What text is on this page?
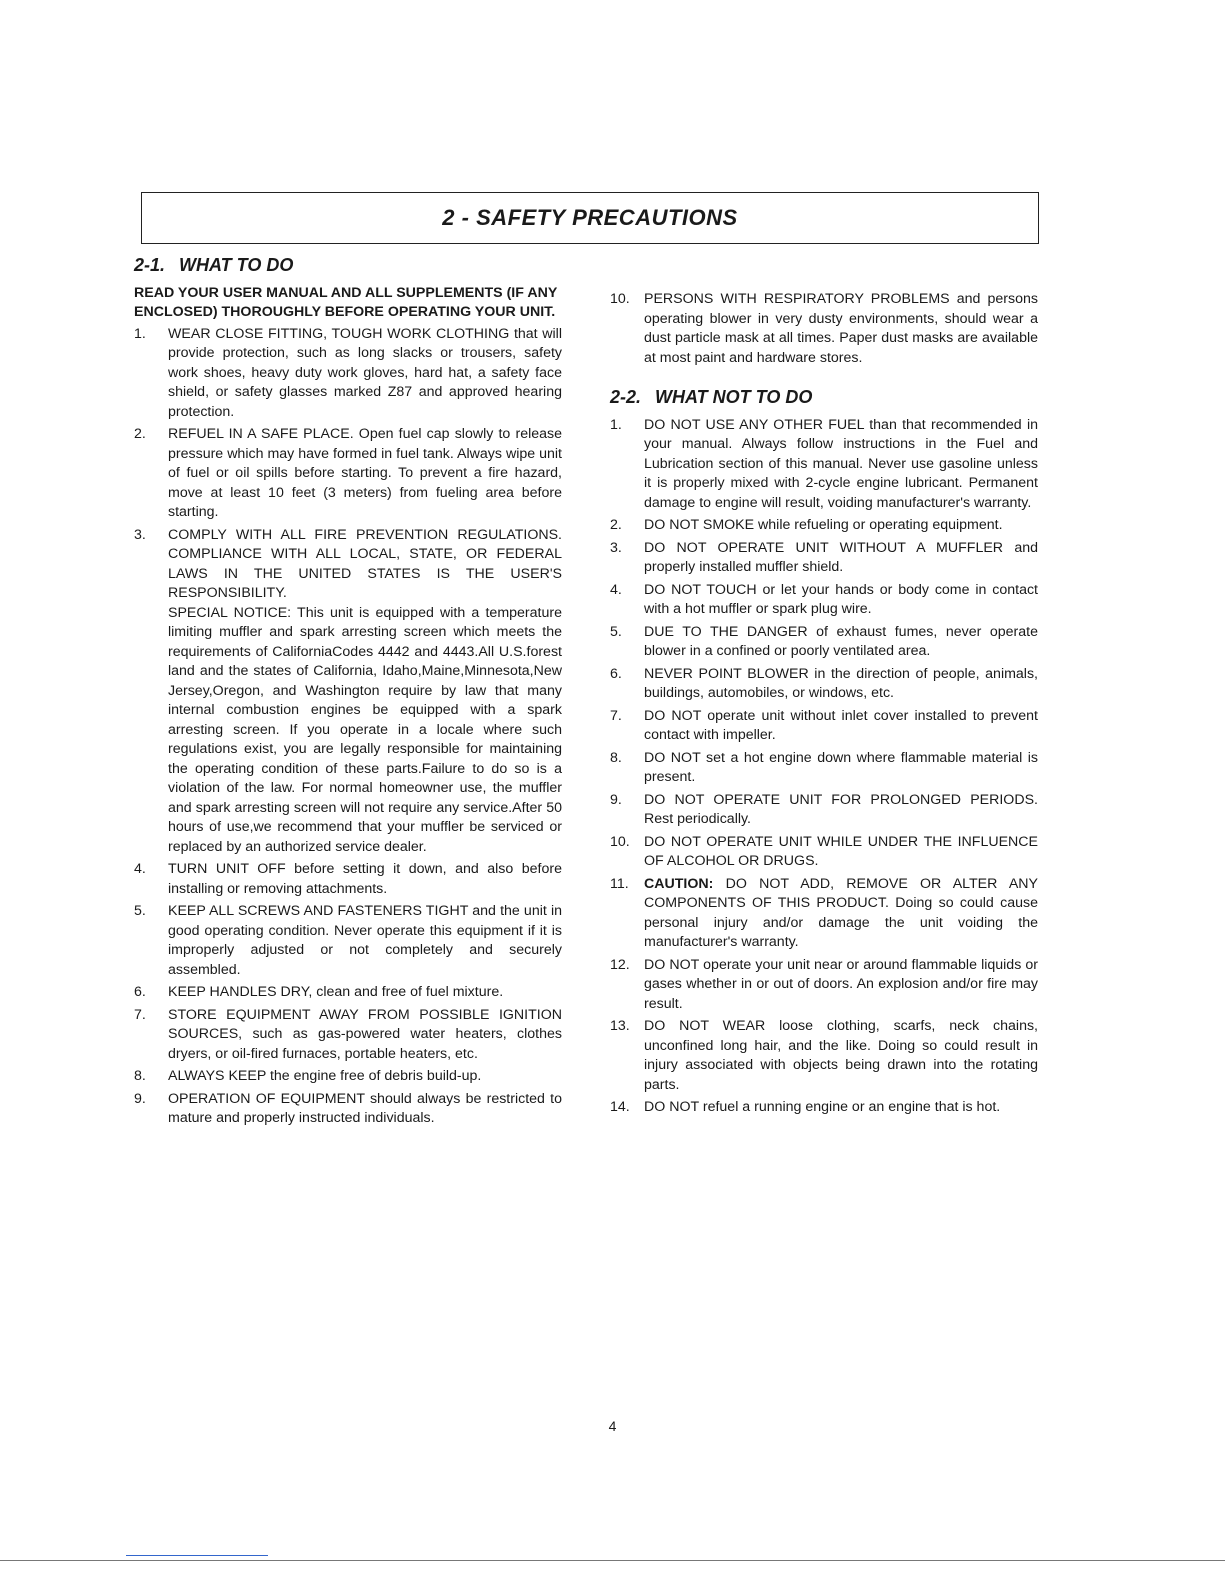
2 - SAFETY PRECAUTIONS
2-1. WHAT TO DO
READ YOUR USER MANUAL AND ALL SUPPLEMENTS (IF ANY ENCLOSED) THOROUGHLY BEFORE OPERATING YOUR UNIT.
1.	WEAR CLOSE FITTING, TOUGH WORK CLOTHING that will provide protection, such as long slacks or trousers, safety work shoes, heavy duty work gloves, hard hat, a safety face shield, or safety glasses marked Z87 and approved hearing protection.
2.	REFUEL IN A SAFE PLACE. Open fuel cap slowly to release pressure which may have formed in fuel tank. Always wipe unit of fuel or oil spills before starting. To prevent a fire hazard, move at least 10 feet (3 meters) from fueling area before starting.
3.	COMPLY WITH ALL FIRE PREVENTION REGULATIONS. COMPLIANCE WITH ALL LOCAL, STATE, OR FEDERAL LAWS IN THE UNITED STATES IS THE USER'S RESPONSIBILITY.
SPECIAL NOTICE: This unit is equipped with a temperature limiting muffler and spark arresting screen which meets the requirements of CaliforniaCodes 4442 and 4443.All U.S.forest land and the states of California, Idaho,Maine,Minnesota,New Jersey,Oregon, and Washington require by law that many internal combustion engines be equipped with a spark arresting screen. If you operate in a locale where such regulations exist, you are legally responsible for maintaining the operating condition of these parts.Failure to do so is a violation of the law. For normal homeowner use, the muffler and spark arresting screen will not require any service.After 50 hours of use,we recommend that your muffler be serviced or replaced by an authorized service dealer.
4.	TURN UNIT OFF before setting it down, and also before installing or removing attachments.
5.	KEEP ALL SCREWS AND FASTENERS TIGHT and the unit in good operating condition. Never operate this equipment if it is improperly adjusted or not completely and securely assembled.
6.	KEEP HANDLES DRY, clean and free of fuel mixture.
7.	STORE EQUIPMENT AWAY FROM POSSIBLE IGNITION SOURCES, such as gas-powered water heaters, clothes dryers, or oil-fired furnaces, portable heaters, etc.
8.	ALWAYS KEEP the engine free of debris build-up.
9.	OPERATION OF EQUIPMENT should always be restricted to mature and properly instructed individuals.
10.	PERSONS WITH RESPIRATORY PROBLEMS and persons operating blower in very dusty environments, should wear a dust particle mask at all times. Paper dust masks are available at most paint and hardware stores.
2-2. WHAT NOT TO DO
1.	DO NOT USE ANY OTHER FUEL than that recommended in your manual. Always follow instructions in the Fuel and Lubrication section of this manual. Never use gasoline unless it is properly mixed with 2-cycle engine lubricant. Permanent damage to engine will result, voiding manufacturer's warranty.
2.	DO NOT SMOKE while refueling or operating equipment.
3.	DO NOT OPERATE UNIT WITHOUT A MUFFLER and properly installed muffler shield.
4.	DO NOT TOUCH or let your hands or body come in contact with a hot muffler or spark plug wire.
5.	DUE TO THE DANGER of exhaust fumes, never operate blower in a confined or poorly ventilated area.
6.	NEVER POINT BLOWER in the direction of people, animals, buildings, automobiles, or windows, etc.
7.	DO NOT operate unit without inlet cover installed to prevent contact with impeller.
8.	DO NOT set a hot engine down where flammable material is present.
9.	DO NOT OPERATE UNIT FOR PROLONGED PERIODS. Rest periodically.
10.	DO NOT OPERATE UNIT WHILE UNDER THE INFLUENCE OF ALCOHOL OR DRUGS.
11.	CAUTION: DO NOT ADD, REMOVE OR ALTER ANY COMPONENTS OF THIS PRODUCT. Doing so could cause personal injury and/or damage the unit voiding the manufacturer's warranty.
12.	DO NOT operate your unit near or around flammable liquids or gases whether in or out of doors. An explosion and/or fire may result.
13.	DO NOT WEAR loose clothing, scarfs, neck chains, unconfined long hair, and the like. Doing so could result in injury associated with objects being drawn into the rotating parts.
14.	DO NOT refuel a running engine or an engine that is hot.
4
